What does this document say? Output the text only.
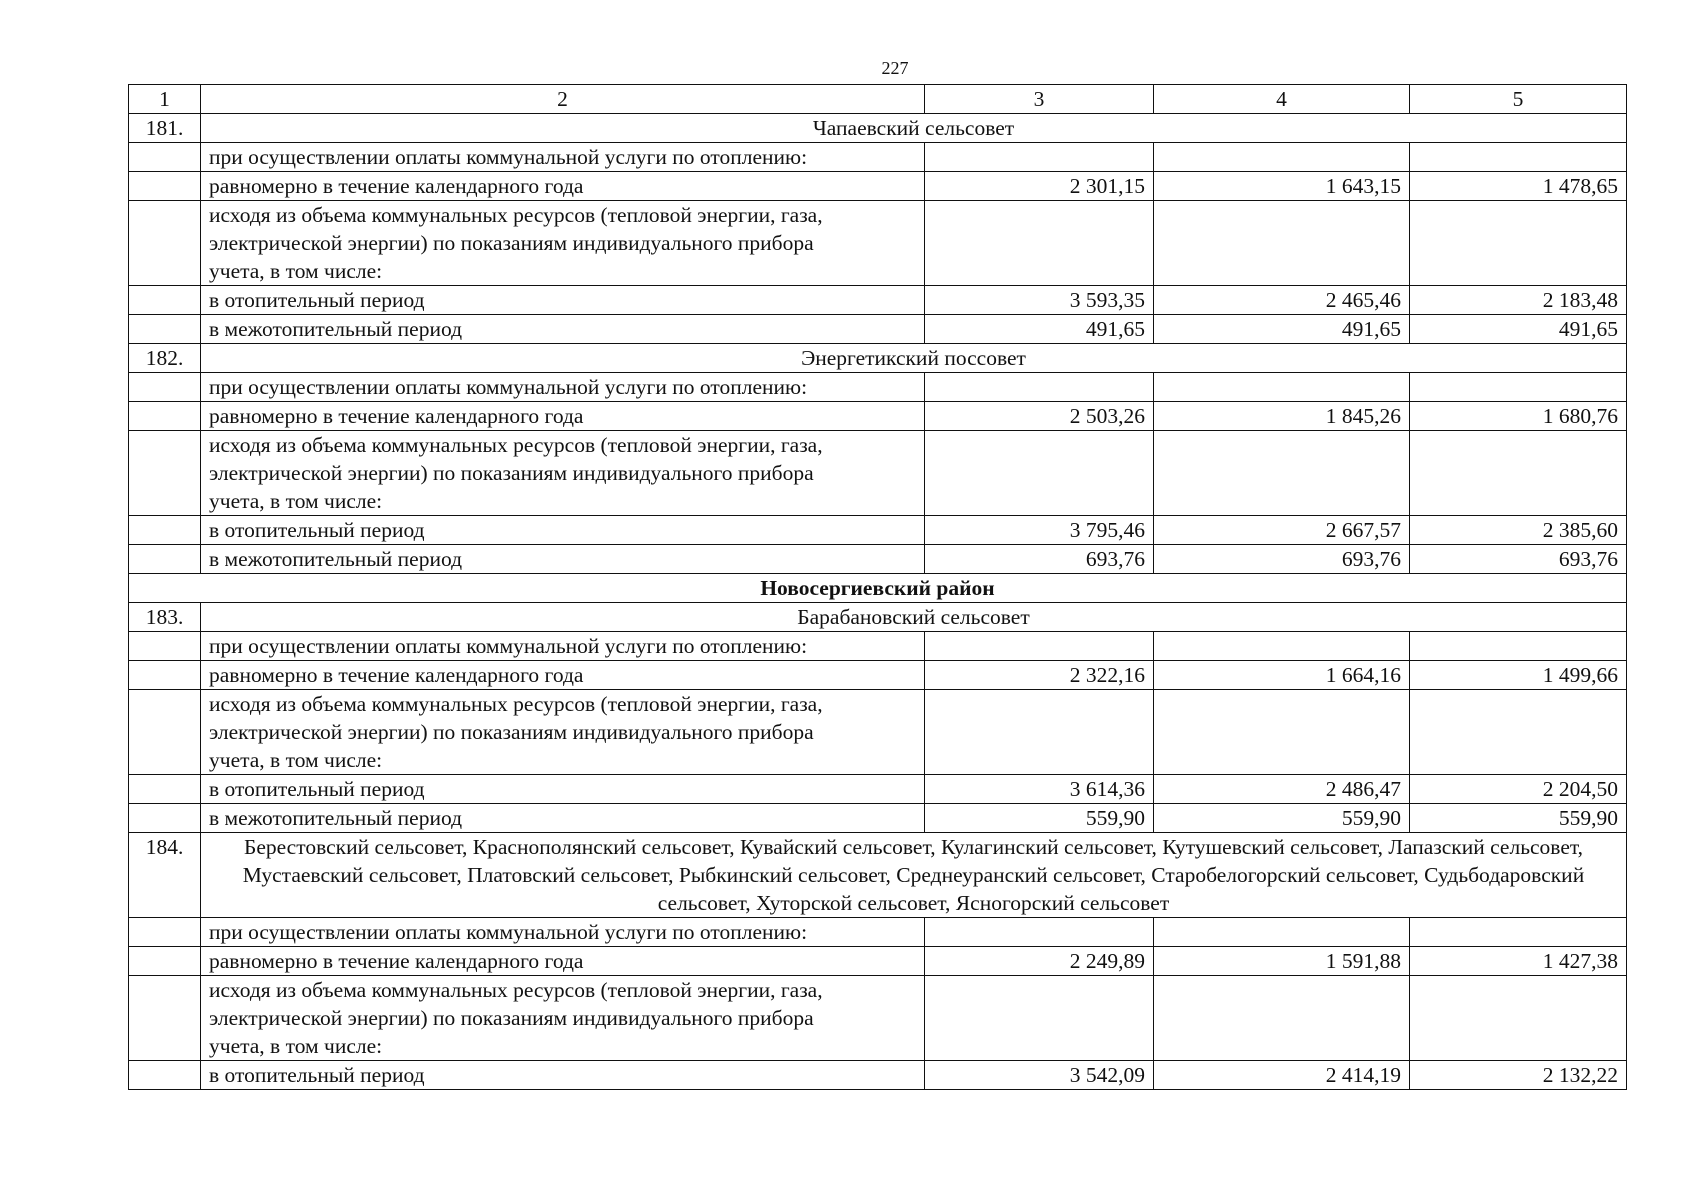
227
1	2	3	4	5
181.	Чапаевский сельсовет			
	при осуществлении оплаты коммунальной услуги по отоплению:			
	равномерно в течение календарного года	2 301,15	1 643,15	1 478,65
	исходя из объема коммунальных ресурсов (тепловой энергии, газа, электрической энергии) по показаниям индивидуального прибора учета, в том числе:			
	в отопительный период	3 593,35	2 465,46	2 183,48
	в межотопительный период	491,65	491,65	491,65
182.	Энергетикский поссовет			
	при осуществлении оплаты коммунальной услуги по отоплению:			
	равномерно в течение календарного года	2 503,26	1 845,26	1 680,76
	исходя из объема коммунальных ресурсов (тепловой энергии, газа, электрической энергии) по показаниям индивидуального прибора учета, в том числе:			
	в отопительный период	3 795,46	2 667,57	2 385,60
	в межотопительный период	693,76	693,76	693,76
Новосергиевский район				
183.	Барабановский сельсовет			
	при осуществлении оплаты коммунальной услуги по отоплению:			
	равномерно в течение календарного года	2 322,16	1 664,16	1 499,66
	исходя из объема коммунальных ресурсов (тепловой энергии, газа, электрической энергии) по показаниям индивидуального прибора учета, в том числе:			
	в отопительный период	3 614,36	2 486,47	2 204,50
	в межотопительный период	559,90	559,90	559,90
184.	Берестовский сельсовет, Краснополянский сельсовет, Кувайский сельсовет, Кулагинский сельсовет, Кутушевский сельсовет, Лапазский сельсовет, Мустаевский сельсовет, Платовский сельсовет, Рыбкинский сельсовет, Среднеуранский сельсовет, Старобелогорский сельсовет, Судьбодаровский сельсовет, Хуторской сельсовет, Ясногорский сельсовет			
	при осуществлении оплаты коммунальной услуги по отоплению:			
	равномерно в течение календарного года	2 249,89	1 591,88	1 427,38
	исходя из объема коммунальных ресурсов (тепловой энергии, газа, электрической энергии) по показаниям индивидуального прибора учета, в том числе:			
	в отопительный период	3 542,09	2 414,19	2 132,22
